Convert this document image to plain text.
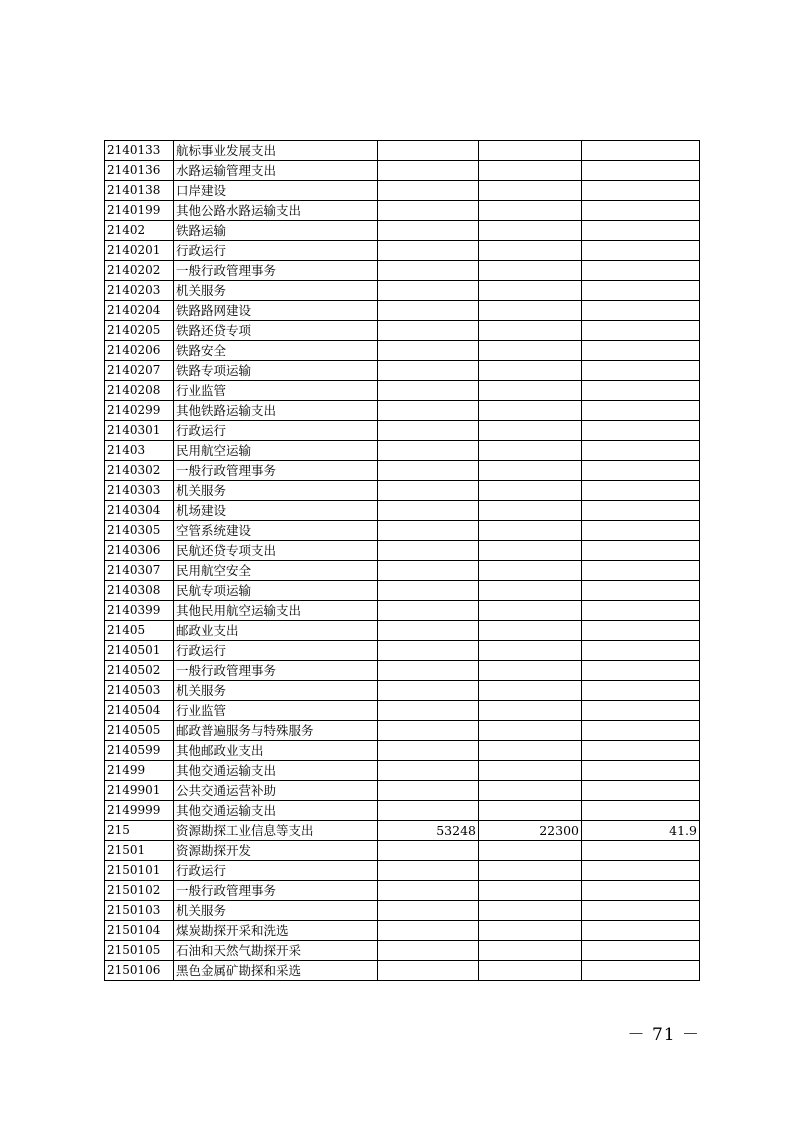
2140133	航标事业发展支出			
2140136	水路运输管理支出			
2140138	口岸建设			
2140199	其他公路水路运输支出			
21402	铁路运输			
2140201	行政运行			
2140202	一般行政管理事务			
2140203	机关服务			
2140204	铁路路网建设			
2140205	铁路还贷专项			
2140206	铁路安全			
2140207	铁路专项运输			
2140208	行业监管			
2140299	其他铁路运输支出			
2140301	行政运行			
21403	民用航空运输			
2140302	一般行政管理事务			
2140303	机关服务			
2140304	机场建设			
2140305	空管系统建设			
2140306	民航还贷专项支出			
2140307	民用航空安全			
2140308	民航专项运输			
2140399	其他民用航空运输支出			
21405	邮政业支出			
2140501	行政运行			
2140502	一般行政管理事务			
2140503	机关服务			
2140504	行业监管			
2140505	邮政普遍服务与特殊服务			
2140599	其他邮政业支出			
21499	其他交通运输支出			
2149901	公共交通运营补助			
2149999	其他交通运输支出			
215	资源勘探工业信息等支出	53248	22300	41.9
21501	资源勘探开发			
2150101	行政运行			
2150102	一般行政管理事务			
2150103	机关服务			
2150104	煤炭勘探开采和洗选			
2150105	石油和天然气勘探开采			
2150106	黑色金属矿勘探和采选			
－ 71 －
